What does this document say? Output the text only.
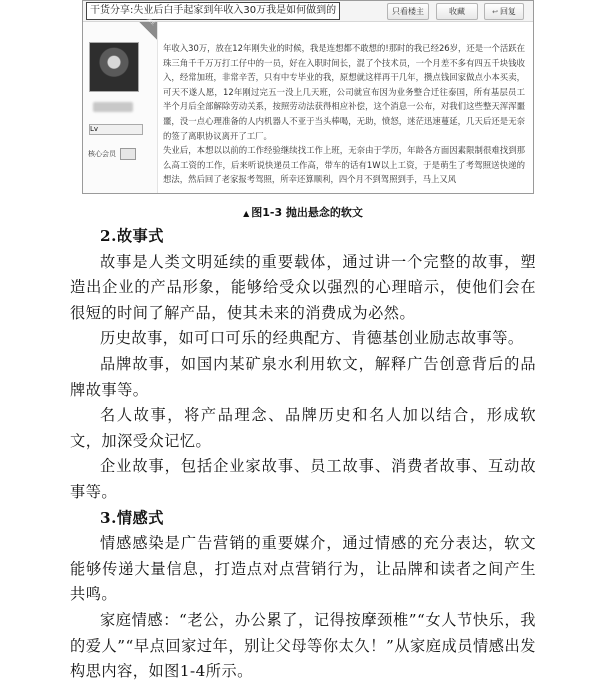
干货分享:失业后白手起家到年收入30万我是如何做到的	只看楼主	收藏	↩ 回复
楼主
Lv
核心会员

年收入30万，放在12年刚失业的时候，我是连想都不敢想的!那时的我已经26岁，还是一个活跃在珠三角千千万万打工仔中的一员，好在入职时间长，混了个技术员，一个月差不多有四五千块钱收入，经常加班，非常辛苦，只有中专毕业的我，原想就这样再干几年，攒点钱回家做点小本买卖，可天不遂人愿，12年刚过完五一没上几天班，公司就宣布因为业务整合迁往泰国，所有基层员工半个月后全部解除劳动关系，按照劳动法获得相应补偿，这个消息一公布，对我们这些整天浑浑噩噩，没一点心理准备的人内机器人不亚于当头棒喝，无助，愤怒，迷茫迅速蔓延，几天后还是无奈的签了离职协议离开了工厂。

失业后，本想以以前的工作经验继续找工作上班，无奈由于学历，年龄各方面因素限制很难找到那么高工资的工作，后来听说快递员工作高，带车的话有1W以上工资，于是萌生了考驾照送快递的想法，然后回了老家报考驾照，所幸还算顺利，四个月不到驾照到手，马上又风

▲ 图1-3 抛出悬念的软文
2.故事式

故事是人类文明延续的重要载体，通过讲一个完整的故事，塑造出企业的产品形象，能够给受众以强烈的心理暗示，使他们会在很短的时间了解产品，使其未来的消费成为必然。

历史故事，如可口可乐的经典配方、肯德基创业励志故事等。

品牌故事，如国内某矿泉水利用软文，解释广告创意背后的品牌故事等。

名人故事，将产品理念、品牌历史和名人加以结合，形成软文，加深受众记忆。

企业故事，包括企业家故事、员工故事、消费者故事、互动故事等。

3.情感式

情感感染是广告营销的重要媒介，通过情感的充分表达，软文能够传递大量信息，打造点对点营销行为，让品牌和读者之间产生共鸣。

家庭情感：“老公，办公累了，记得按摩颈椎”“女人节快乐，我的爱人”“早点回家过年，别让父母等你太久！”从家庭成员情感出发构思内容，如图1-4所示。
